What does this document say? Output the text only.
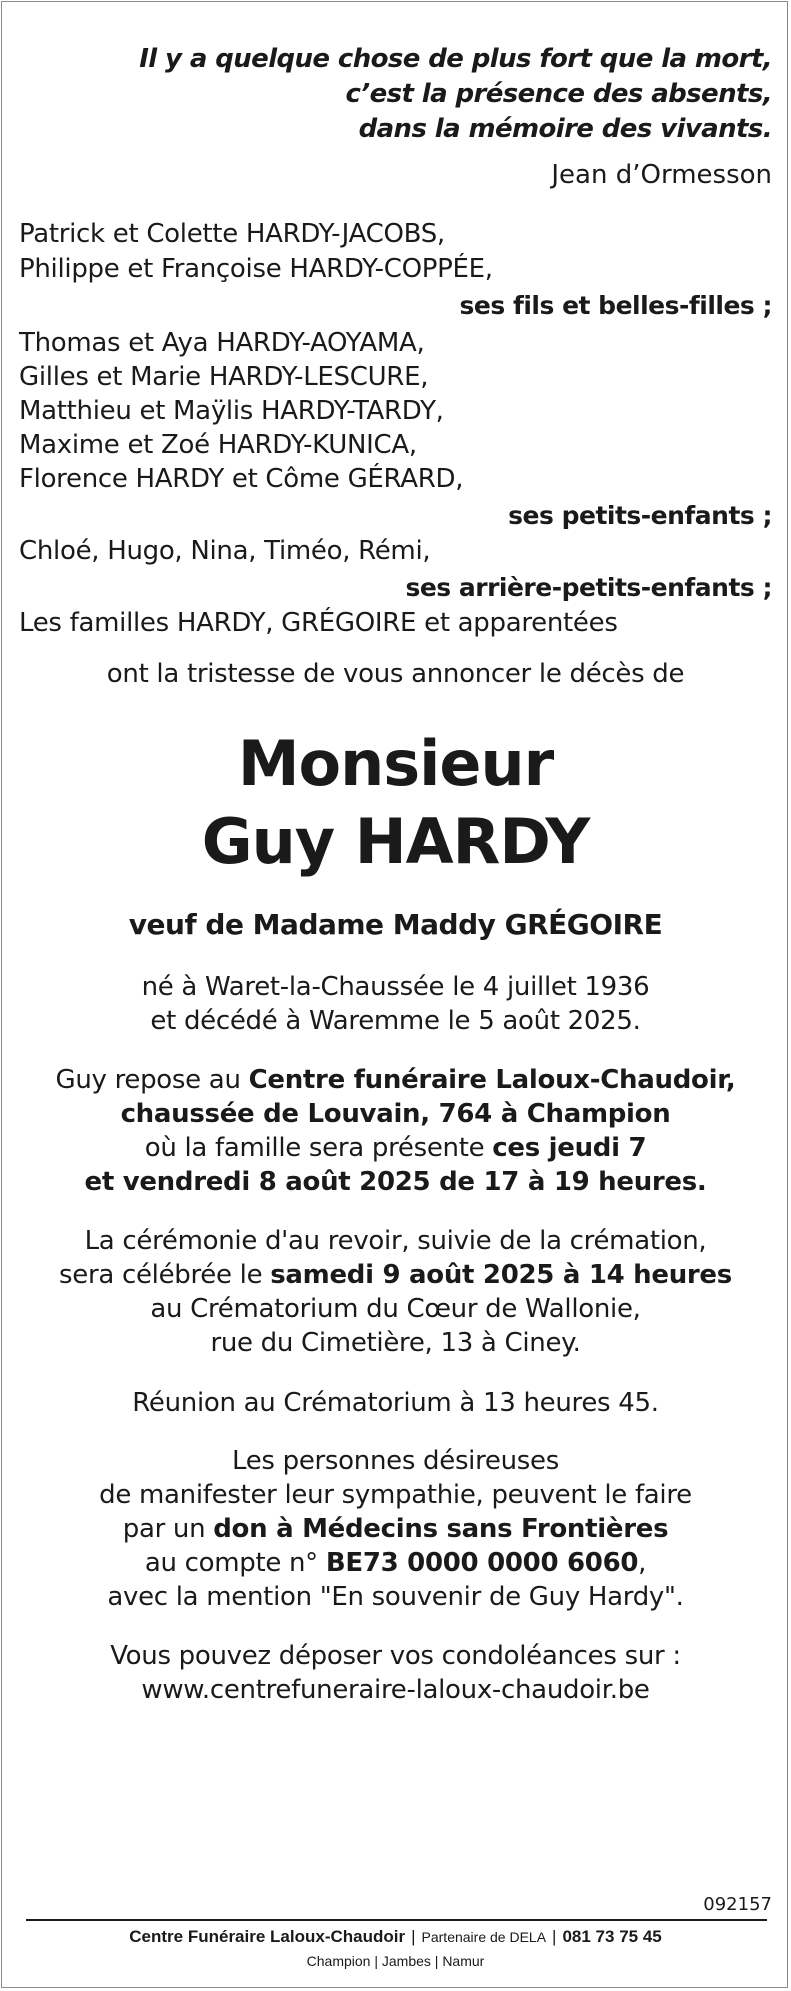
Il y a quelque chose de plus fort que la mort,
c’est la présence des absents,
dans la mémoire des vivants.
Jean d’Ormesson
Patrick et Colette HARDY-JACOBS,
Philippe et Françoise HARDY-COPPÉE,
ses fils et belles-filles ;
Thomas et Aya HARDY-AOYAMA,
Gilles et Marie HARDY-LESCURE,
Matthieu et Maÿlis HARDY-TARDY,
Maxime et Zoé HARDY-KUNICA,
Florence HARDY et Côme GÉRARD,
ses petits-enfants ;
Chloé, Hugo, Nina, Timéo, Rémi,
ses arrière-petits-enfants ;
Les familles HARDY, GRÉGOIRE et apparentées
ont la tristesse de vous annoncer le décès de
Monsieur
Guy HARDY
veuf de Madame Maddy GRÉGOIRE
né à Waret-la-Chaussée le 4 juillet 1936
et décédé à Waremme le 5 août 2025.
Guy repose au Centre funéraire Laloux-Chaudoir,
chaussée de Louvain, 764 à Champion
où la famille sera présente ces jeudi 7
et vendredi 8 août 2025 de 17 à 19 heures.
La cérémonie d'au revoir, suivie de la crémation,
sera célébrée le samedi 9 août 2025 à 14 heures
au Crématorium du Cœur de Wallonie,
rue du Cimetière, 13 à Ciney.
Réunion au Crématorium à 13 heures 45.
Les personnes désireuses
de manifester leur sympathie, peuvent le faire
par un don à Médecins sans Frontières
au compte n° BE73 0000 0000 6060,
avec la mention "En souvenir de Guy Hardy".
Vous pouvez déposer vos condoléances sur :
www.centrefuneraire-laloux-chaudoir.be
092157
Centre Funéraire Laloux-Chaudoir | Partenaire de DELA | 081 73 75 45
Champion | Jambes | Namur
